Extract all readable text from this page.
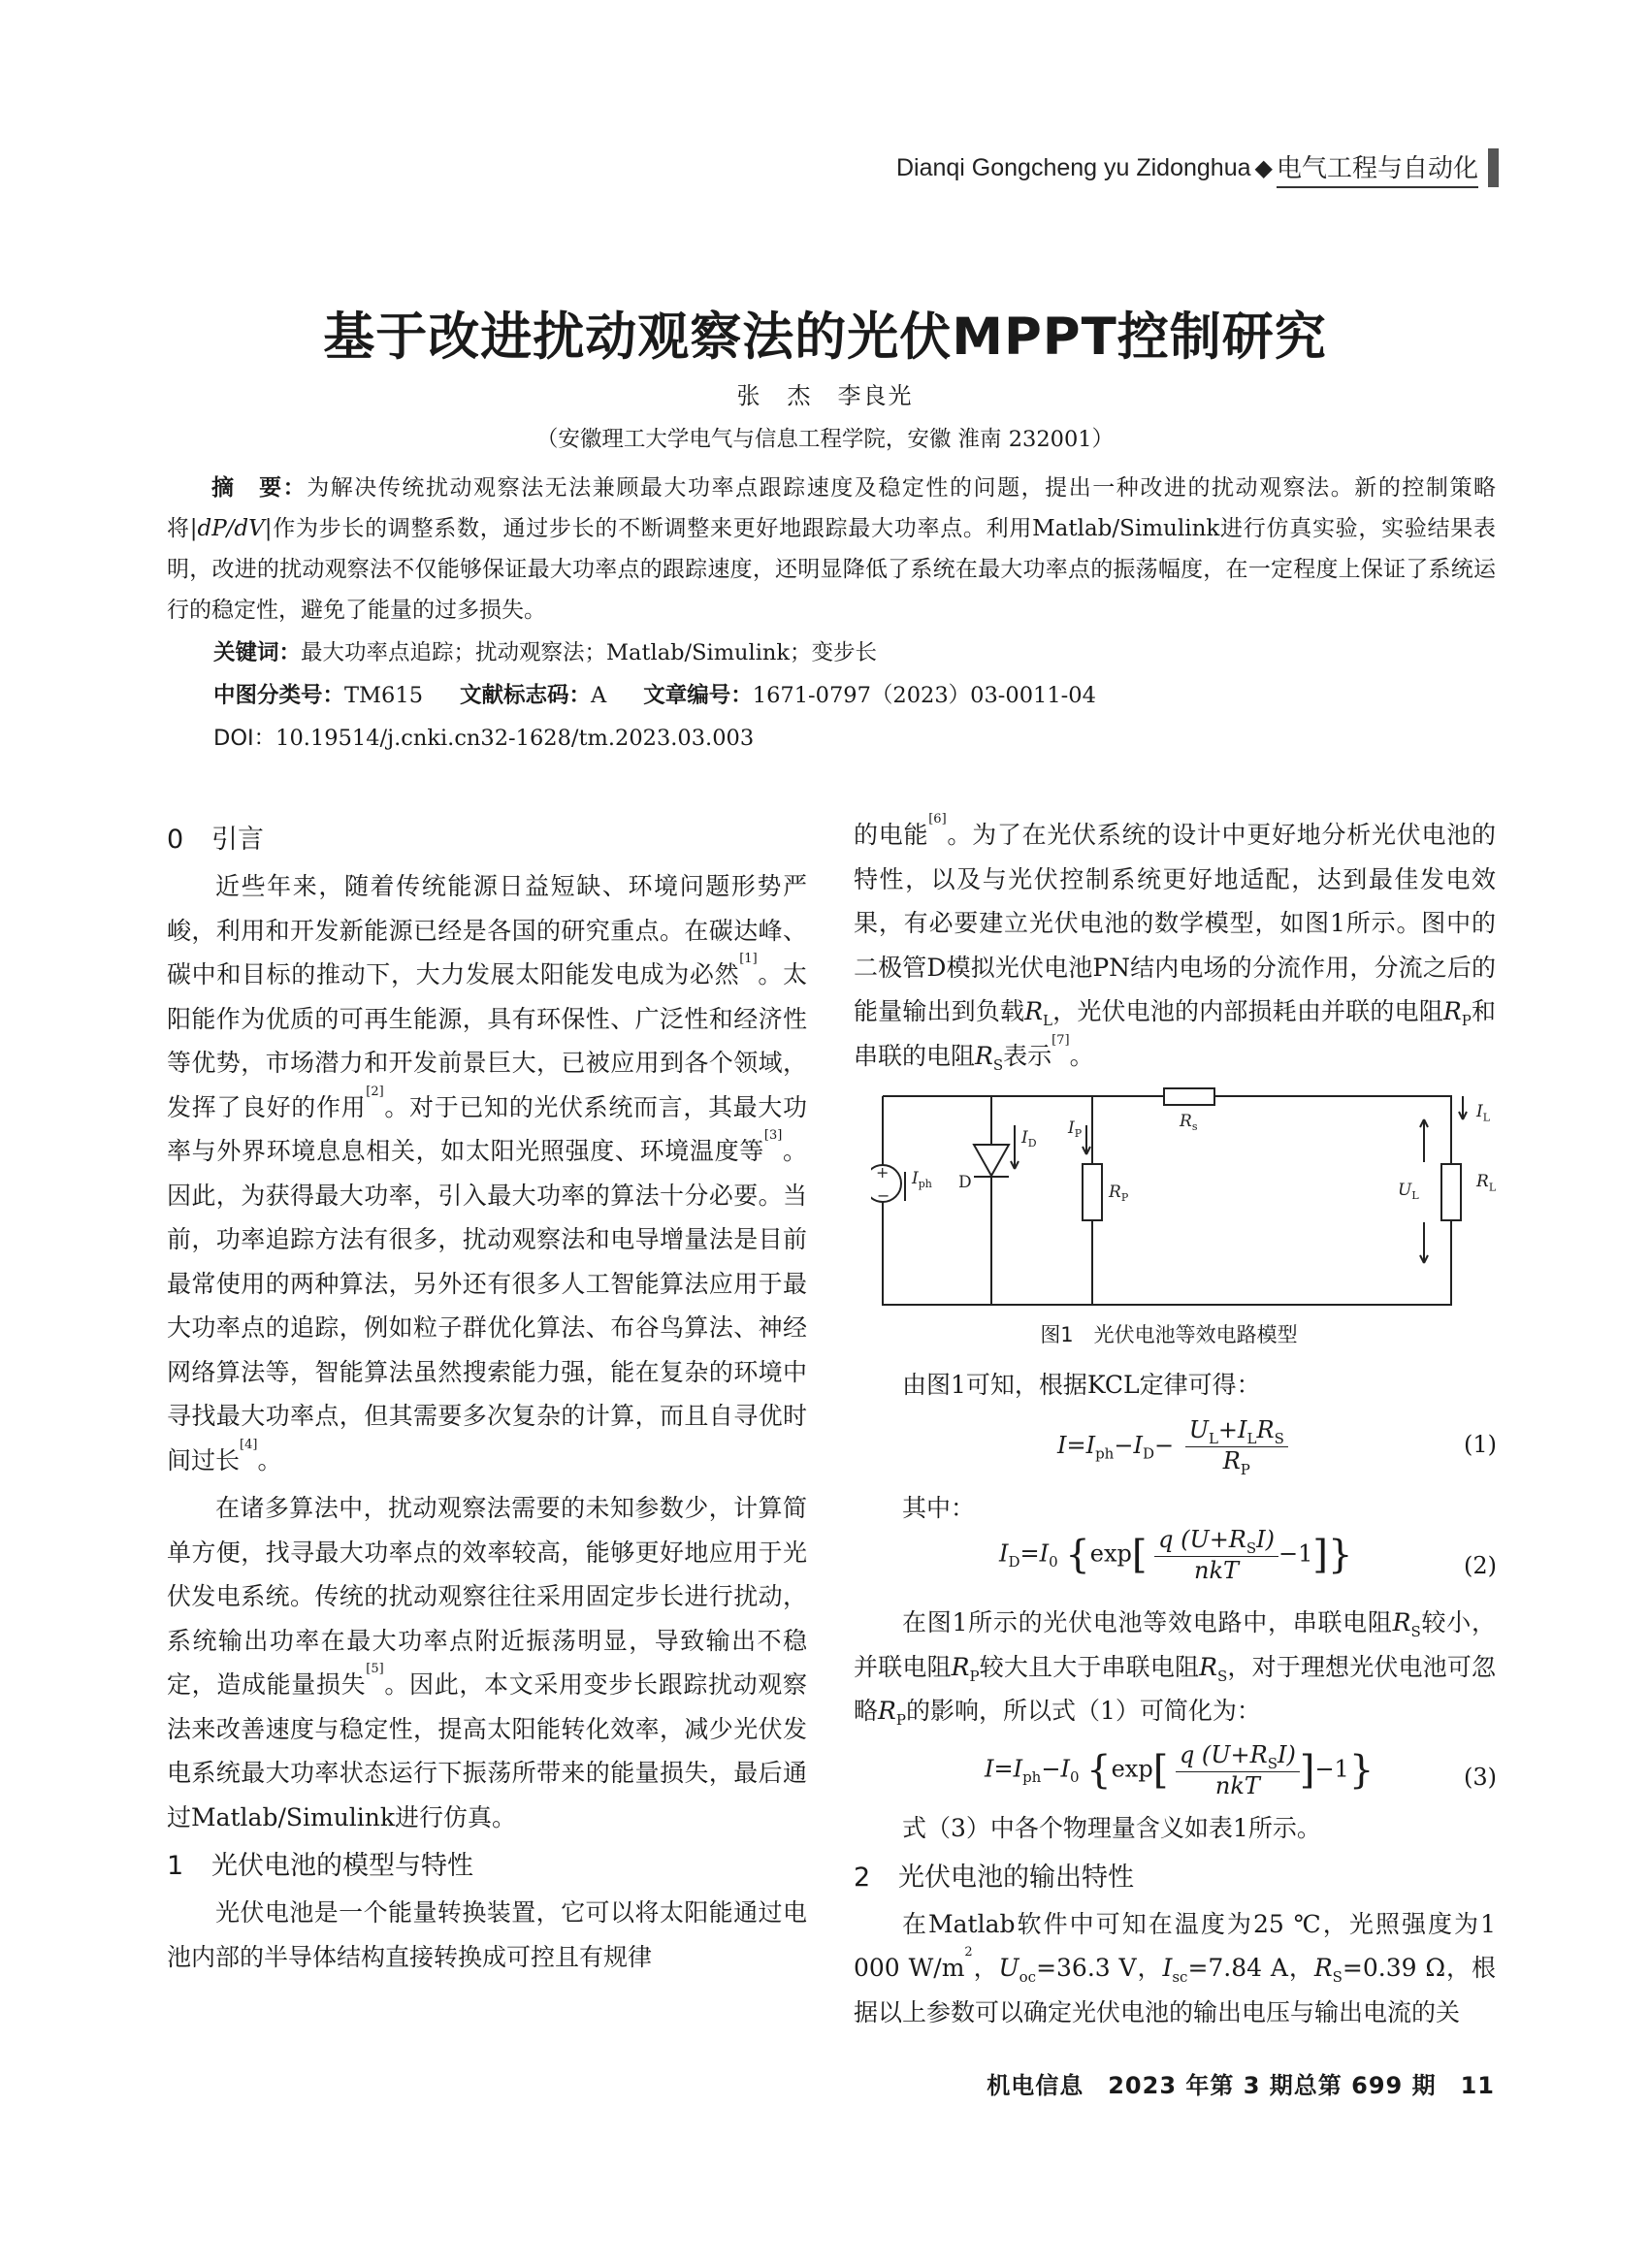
Dianqi Gongcheng yu Zidonghua ◆ 电气工程与自动化
基于改进扰动观察法的光伏MPPT控制研究
张　杰　李良光
（安徽理工大学电气与信息工程学院，安徽 淮南 232001）
摘　要：为解决传统扰动观察法无法兼顾最大功率点跟踪速度及稳定性的问题，提出一种改进的扰动观察法。新的控制策略将|dP/dV|作为步长的调整系数，通过步长的不断调整来更好地跟踪最大功率点。利用Matlab/Simulink进行仿真实验，实验结果表明，改进的扰动观察法不仅能够保证最大功率点的跟踪速度，还明显降低了系统在最大功率点的振荡幅度，在一定程度上保证了系统运行的稳定性，避免了能量的过多损失。
关键词：最大功率点追踪；扰动观察法；Matlab/Simulink；变步长
中图分类号：TM615 文献标志码：A 文章编号：1671-0797（2023）03-0011-04
DOI：10.19514/j.cnki.cn32-1628/tm.2023.03.003

0 引言

近些年来，随着传统能源日益短缺、环境问题形势严峻，利用和开发新能源已经是各国的研究重点。在碳达峰、碳中和目标的推动下，大力发展太阳能发电成为必然[1]。太阳能作为优质的可再生能源，具有环保性、广泛性和经济性等优势，市场潜力和开发前景巨大，已被应用到各个领域，发挥了良好的作用[2]。对于已知的光伏系统而言，其最大功率与外界环境息息相关，如太阳光照强度、环境温度等[3]。因此，为获得最大功率，引入最大功率的算法十分必要。当前，功率追踪方法有很多，扰动观察法和电导增量法是目前最常使用的两种算法，另外还有很多人工智能算法应用于最大功率点的追踪，例如粒子群优化算法、布谷鸟算法、神经网络算法等，智能算法虽然搜索能力强，能在复杂的环境中寻找最大功率点，但其需要多次复杂的计算，而且自寻优时间过长[4]。

在诸多算法中，扰动观察法需要的未知参数少，计算简单方便，找寻最大功率点的效率较高，能够更好地应用于光伏发电系统。传统的扰动观察往往采用固定步长进行扰动，系统输出功率在最大功率点附近振荡明显，导致输出不稳定，造成能量损失[5]。因此，本文采用变步长跟踪扰动观察法来改善速度与稳定性，提高太阳能转化效率，减少光伏发电系统最大功率状态运行下振荡所带来的能量损失，最后通过Matlab/Simulink进行仿真。

1 光伏电池的模型与特性

光伏电池是一个能量转换装置，它可以将太阳能通过电池内部的半导体结构直接转换成可控且有规律

的电能[6]。为了在光伏系统的设计中更好地分析光伏电池的特性，以及与光伏控制系统更好地适配，达到最佳发电效果，有必要建立光伏电池的数学模型，如图1所示。图中的二极管D模拟光伏电池PN结内电场的分流作用，分流之后的能量输出到负载$R_L$，光伏电池的内部损耗由并联的电阻$R_P$和串联的电阻$R_S$表示[7]。

+
−
$I_{ph}$
$I_D$
$I_P$
$R_P$
$R_s$
$U_L$
D
$I_L$
$R_L$
图1　光伏电池等效电路模型

由图1可知，根据KCL定律可得：

$I=I_{ph}-I_D-$
$U_L+I_LR_S$
$R_P$
(1)

其中：

$I_D=I_0$ {exp[ q $(U+R_SI)$
nkT
−1]}	(2)

在图1所示的光伏电池等效电路中，串联电阻$R_S$较小，并联电阻$R_P$较大且大于串联电阻$R_S$，对于理想光伏电池可忽略$R_P$的影响，所以式（1）可简化为：

$I=I_{ph}-I_0$ {exp[ q $(U+R_SI)$
nkT	]−1}	(3)

式（3）中各个物理量含义如表1所示。

2 光伏电池的输出特性

在Matlab软件中可知在温度为25 ℃，光照强度为1 000 $W/m^2$，$U_{oc}=36.3$ V，$I_{sc}=7.84$ A，$R_S=0.39$ Ω，根据以上参数可以确定光伏电池的输出电压与输出电流的关

机电信息　2023 年第 3 期总第 699 期　11
